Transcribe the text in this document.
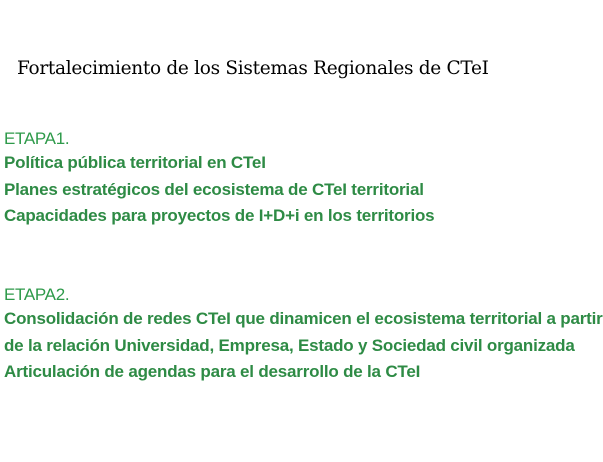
Fortalecimiento de los Sistemas Regionales de CTeI
ETAPA1.
Política pública territorial en CTeI
Planes estratégicos del ecosistema de CTeI territorial
Capacidades para proyectos de I+D+i en los territorios
ETAPA2.
Consolidación de redes CTeI que dinamicen el ecosistema territorial a partir
de la relación Universidad, Empresa, Estado y Sociedad civil organizada
Articulación de agendas para el desarrollo de la CTeI
